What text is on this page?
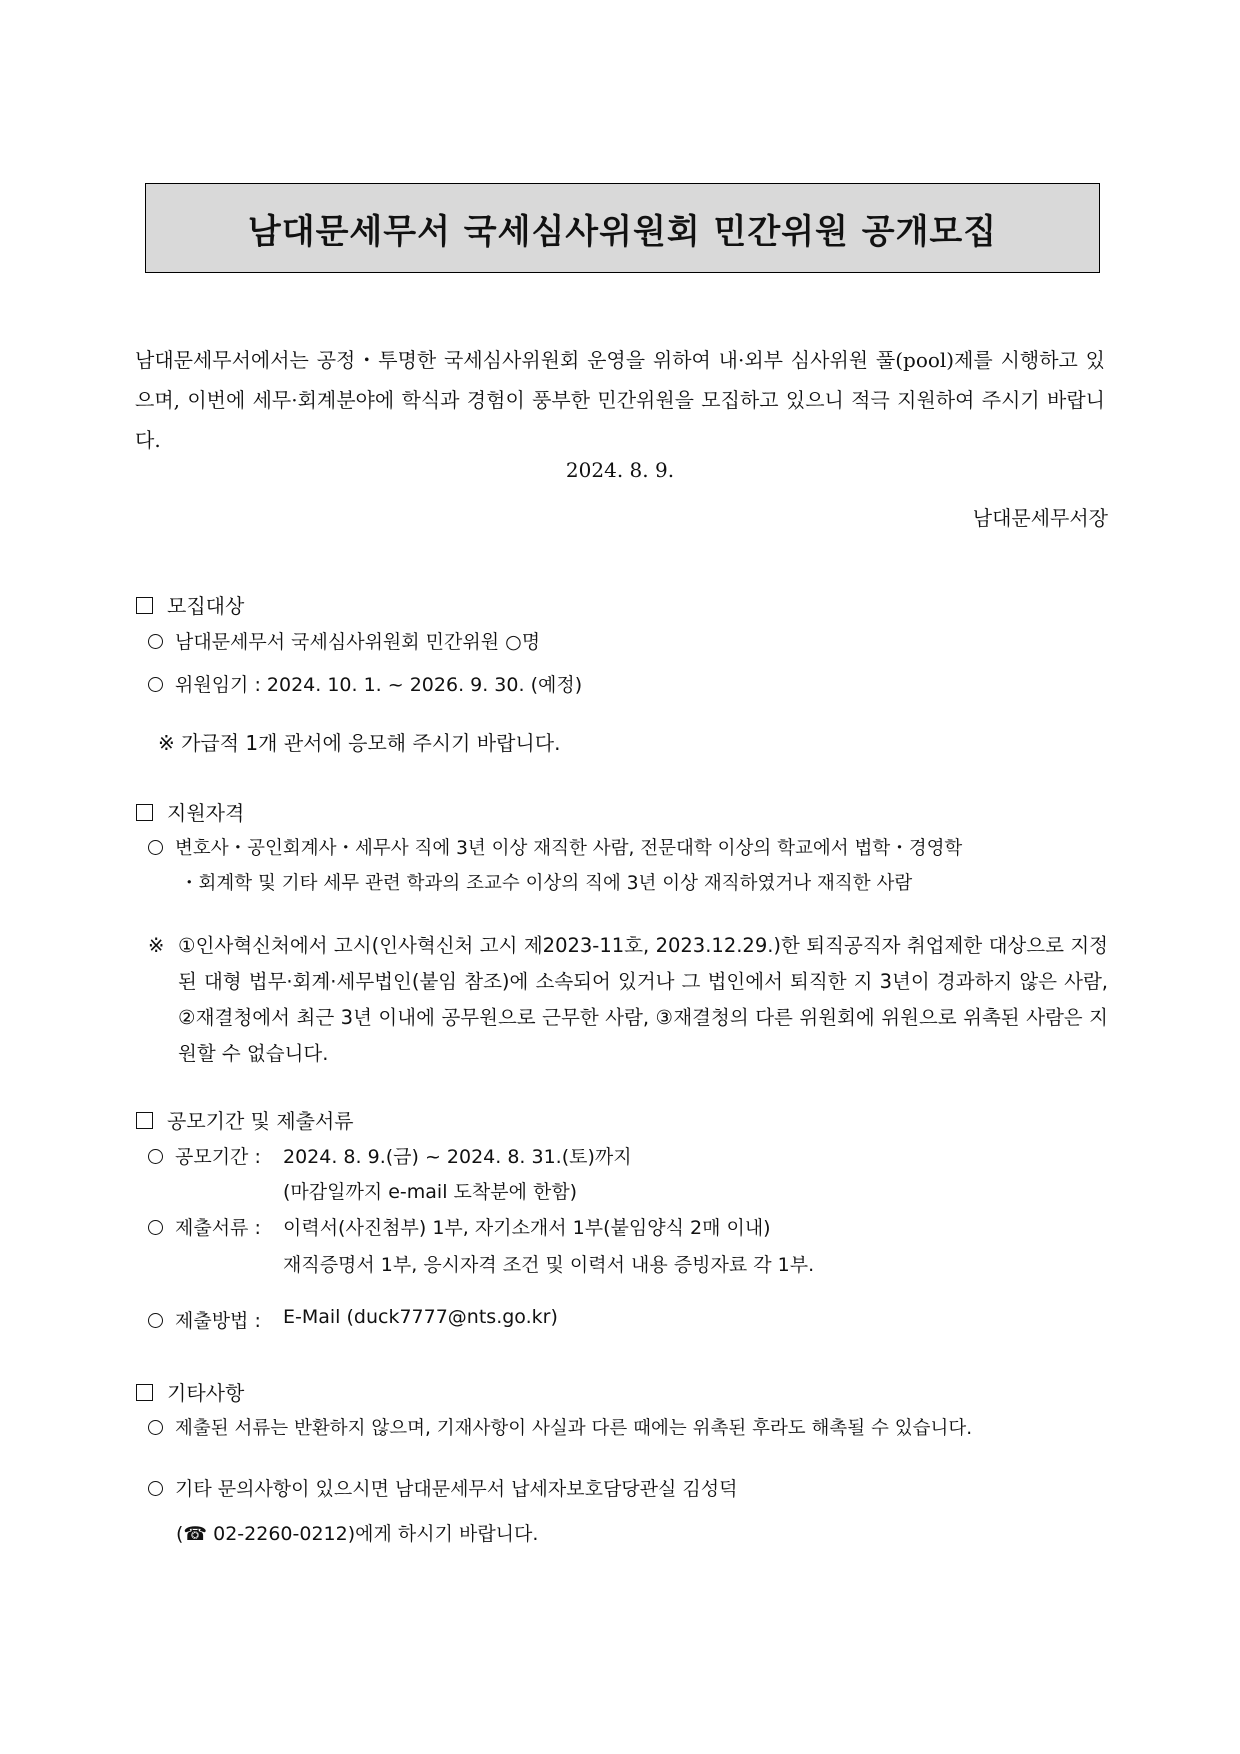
남대문세무서 국세심사위원회 민간위원 공개모집
남대문세무서에서는 공정・투명한 국세심사위원회 운영을 위하여 내·외부 심사위원 풀(pool)제를 시행하고 있으며, 이번에 세무·회계분야에 학식과 경험이 풍부한 민간위원을 모집하고 있으니 적극 지원하여 주시기 바랍니다.
2024. 8. 9.
남대문세무서장
모집대상
남대문세무서 국세심사위원회 민간위원 ○명
위원임기 : 2024. 10. 1. ~ 2026. 9. 30. (예정)
※ 가급적 1개 관서에 응모해 주시기 바랍니다.
지원자격
변호사・공인회계사・세무사 직에 3년 이상 재직한 사람, 전문대학 이상의 학교에서 법학・경영학
・회계학 및 기타 세무 관련 학과의 조교수 이상의 직에 3년 이상 재직하였거나 재직한 사람
※ ①인사혁신처에서 고시(인사혁신처 고시 제2023-11호, 2023.12.29.)한 퇴직공직자 취업제한 대상으로 지정된 대형 법무·회계·세무법인(붙임 참조)에 소속되어 있거나 그 법인에서 퇴직한 지 3년이 경과하지 않은 사람, ②재결청에서 최근 3년 이내에 공무원으로 근무한 사람, ③재결청의 다른 위원회에 위원으로 위촉된 사람은 지원할 수 없습니다.
공모기간 및 제출서류
공모기간 : 2024. 8. 9.(금) ~ 2024. 8. 31.(토)까지
(마감일까지 e-mail 도착분에 한함)
제출서류 : 이력서(사진첨부) 1부, 자기소개서 1부(붙임양식 2매 이내)
재직증명서 1부, 응시자격 조건 및 이력서 내용 증빙자료 각 1부.
제출방법 : E-Mail (duck7777@nts.go.kr)
기타사항
제출된 서류는 반환하지 않으며, 기재사항이 사실과 다른 때에는 위촉된 후라도 해촉될 수 있습니다.
기타 문의사항이 있으시면 남대문세무서 납세자보호담당관실 김성덕
(☎ 02-2260-0212)에게 하시기 바랍니다.
